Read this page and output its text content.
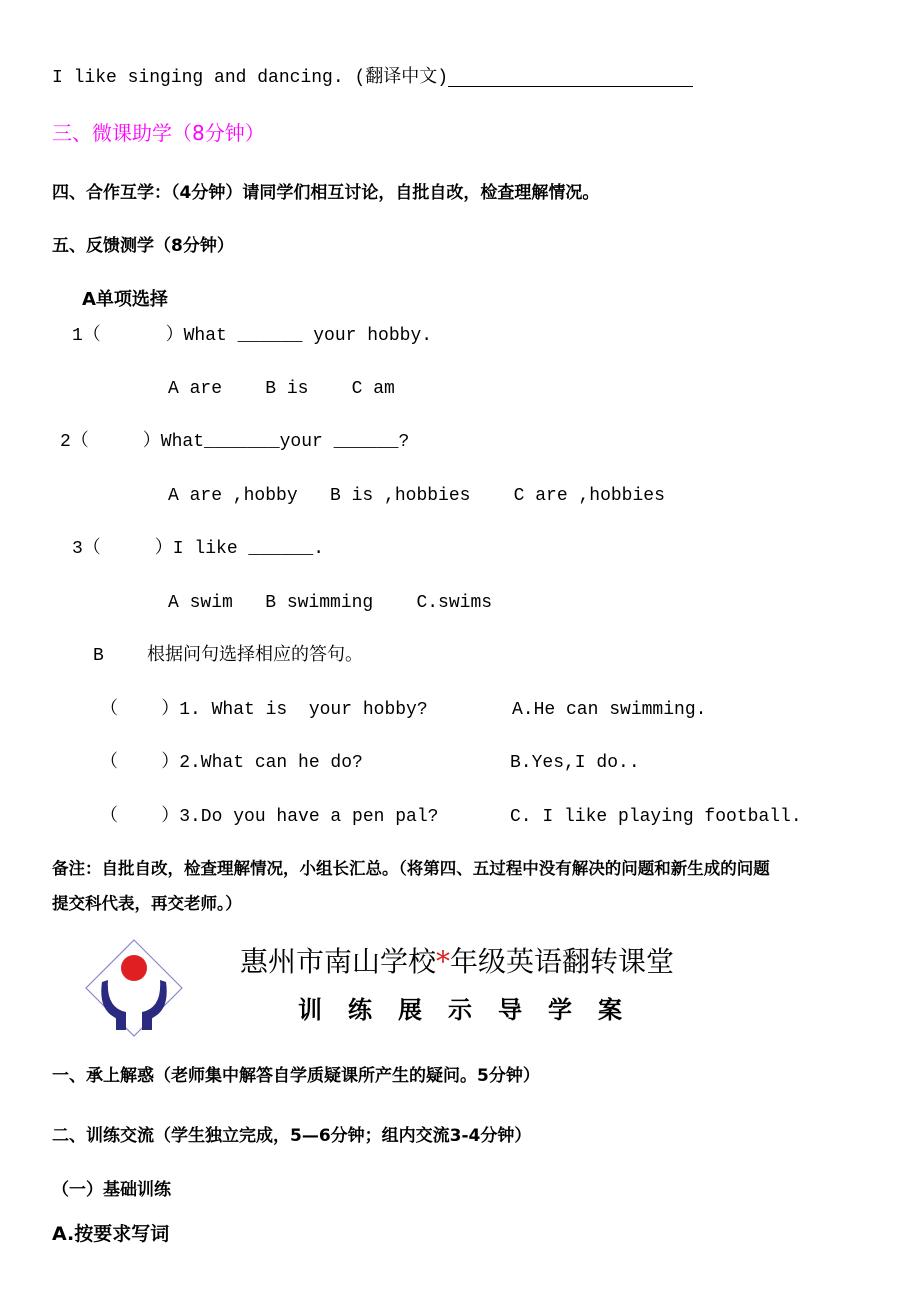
I like singing and dancing. (翻译中文)
三、微课助学（8分钟）
四、合作互学：（4分钟）请同学们相互讨论，自批自改，检查理解情况。
五、反馈测学（8分钟）
A单项选择
1（      ）What ______ your hobby.
A are    B is    C am
2（     ）What_______your ______?
A are ,hobby   B is ,hobbies    C are ,hobbies
3（     ）I like ______.
A swim   B swimming    C.swims
B    根据问句选择相应的答句。
（    ）1. What is  your hobby?	A.He can swimming.
（    ）2.What can he do?	B.Yes,I do..
（    ）3.Do you have a pen pal?	C. I like playing football.
备注：自批自改，检查理解情况，小组长汇总。（将第四、五过程中没有解决的问题和新生成的问题
提交科代表，再交老师。）
惠州市南山学校*年级英语翻转课堂
训练展示导学案
一、承上解惑（老师集中解答自学质疑课所产生的疑问。5分钟）
二、训练交流（学生独立完成，5—6分钟；组内交流3-4分钟）
（一）基础训练
A.按要求写词
